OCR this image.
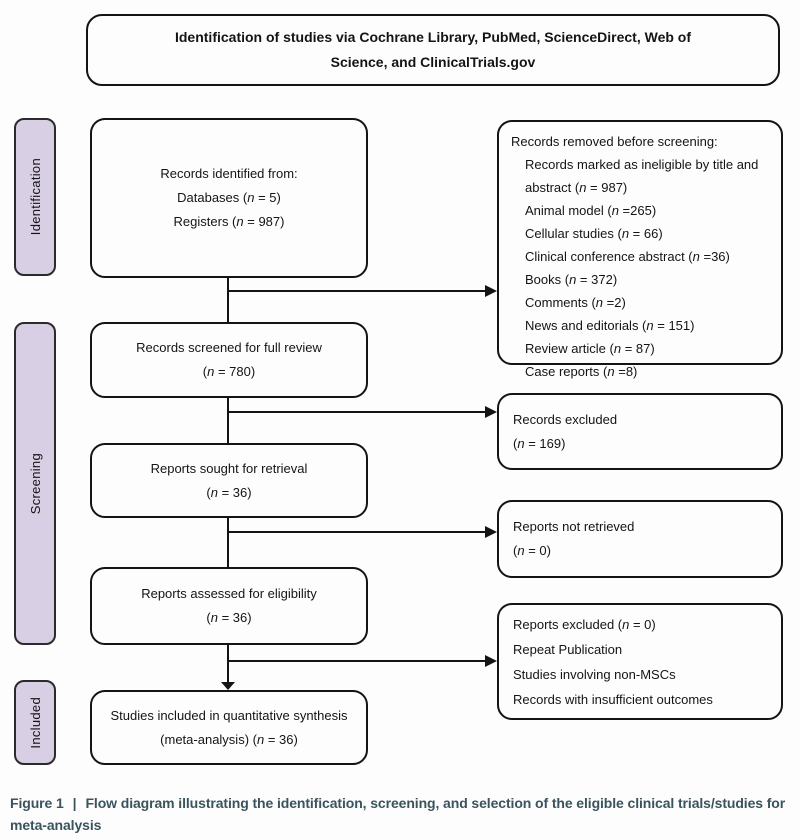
Identification of studies via Cochrane Library, PubMed, ScienceDirect, Web of Science, and ClinicalTrials.gov
Identification
Screening
Included
Records identified from:
Databases (n = 5)
Registers (n = 987)
Records screened for full review
(n = 780)
Reports sought for retrieval
(n = 36)
Reports assessed for eligibility
(n = 36)
Studies included in quantitative synthesis
(meta-analysis) (n = 36)
Records removed before screening:
Records marked as ineligible by title and abstract (n = 987)
Animal model (n =265)
Cellular studies (n = 66)
Clinical conference abstract (n =36)
Books (n = 372)
Comments (n =2)
News and editorials (n = 151)
Review article (n = 87)
Case reports (n =8)
Records excluded
(n = 169)
Reports not retrieved
(n = 0)
Reports excluded (n = 0)
Repeat Publication
Studies involving non-MSCs
Records with insufficient outcomes
Figure 1 | Flow diagram illustrating the identification, screening, and selection of the eligible clinical trials/studies for meta-analysis
